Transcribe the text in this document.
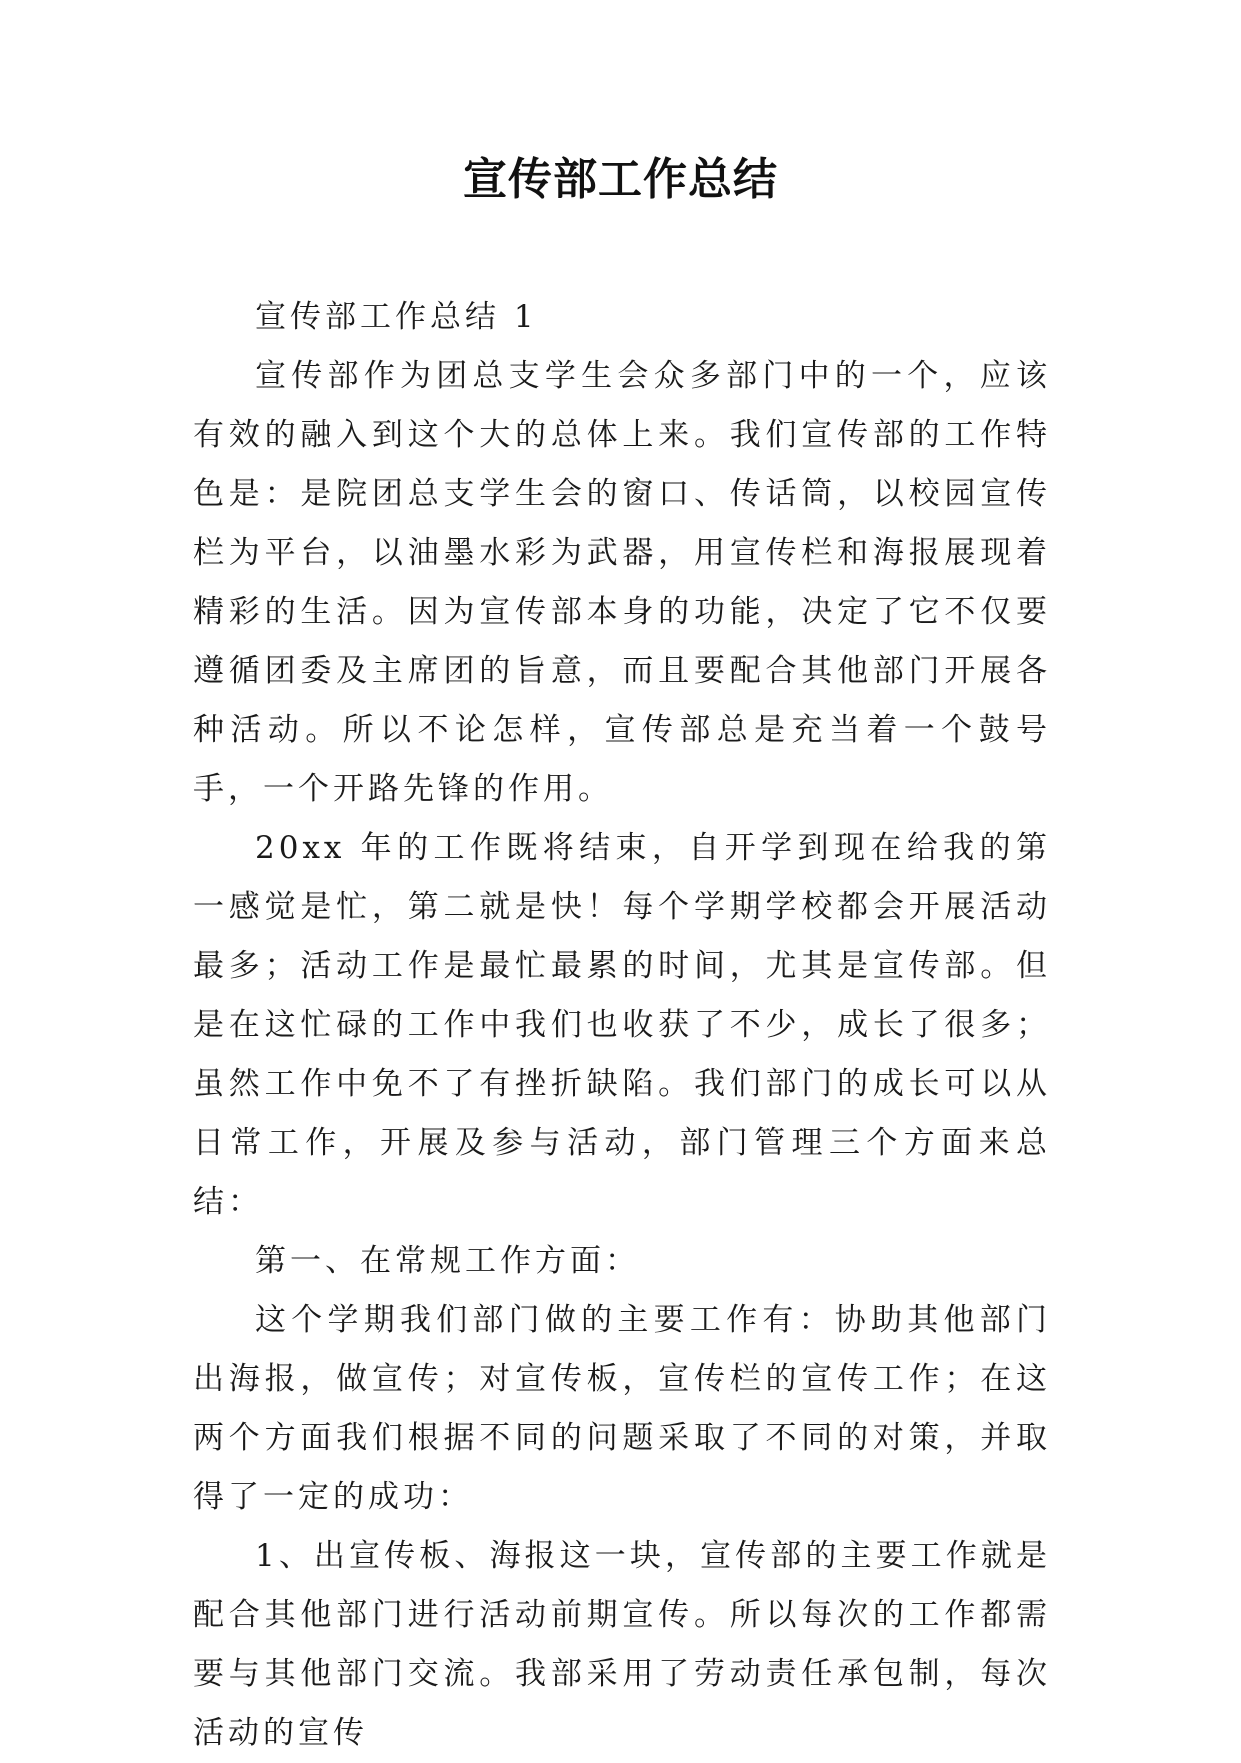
宣传部工作总结

宣传部工作总结 1

宣传部作为团总支学生会众多部门中的一个，应该有效的融入到这个大的总体上来。我们宣传部的工作特色是：是院团总支学生会的窗口、传话筒，以校园宣传栏为平台，以油墨水彩为武器，用宣传栏和海报展现着精彩的生活。因为宣传部本身的功能，决定了它不仅要遵循团委及主席团的旨意，而且要配合其他部门开展各种活动。所以不论怎样，宣传部总是充当着一个鼓号手，一个开路先锋的作用。

20xx 年的工作既将结束，自开学到现在给我的第一感觉是忙，第二就是快！每个学期学校都会开展活动最多；活动工作是最忙最累的时间，尤其是宣传部。但是在这忙碌的工作中我们也收获了不少，成长了很多；虽然工作中免不了有挫折缺陷。我们部门的成长可以从日常工作，开展及参与活动，部门管理三个方面来总结：

第一、在常规工作方面：

这个学期我们部门做的主要工作有：协助其他部门出海报，做宣传；对宣传板，宣传栏的宣传工作；在这两个方面我们根据不同的问题采取了不同的对策，并取得了一定的成功：

1、出宣传板、海报这一块，宣传部的主要工作就是配合其他部门进行活动前期宣传。所以每次的工作都需要与其他部门交流。我部采用了劳动责任承包制，每次活动的宣传
